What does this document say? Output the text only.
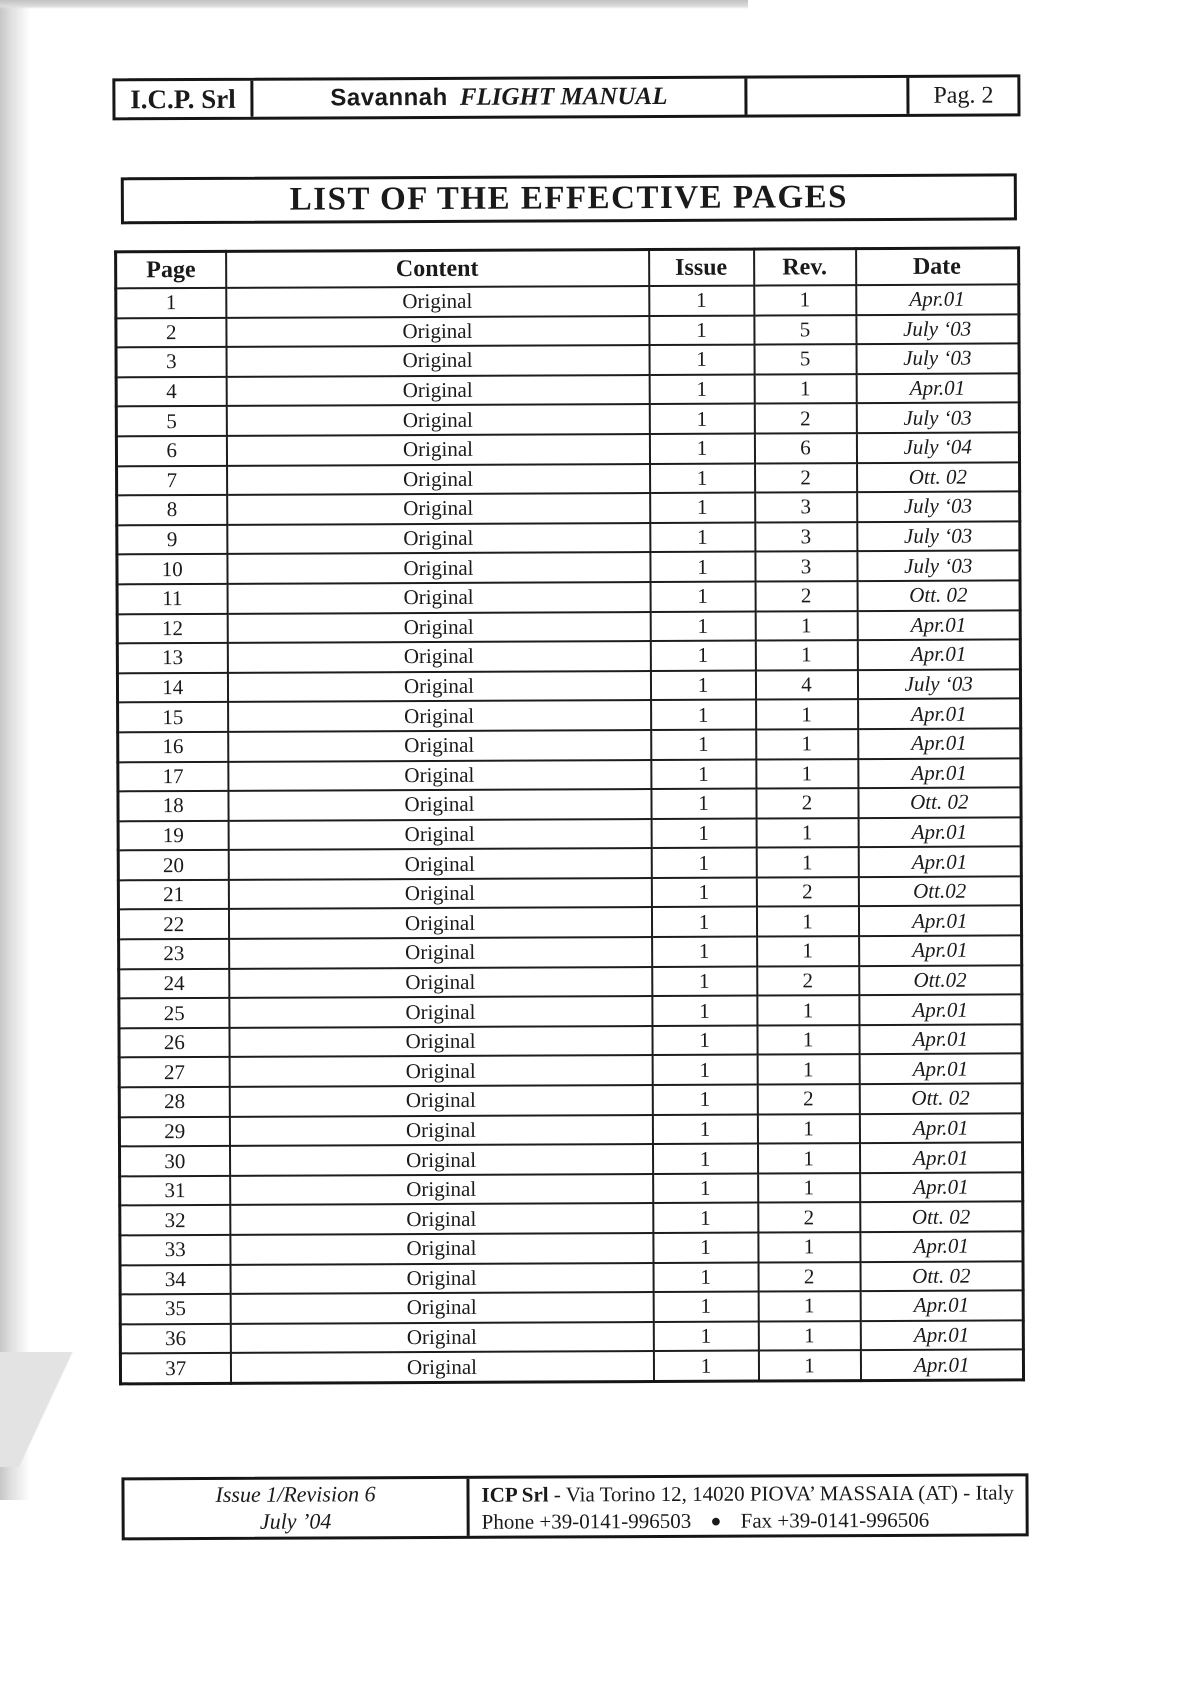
I.C.P. Srl	Savannah FLIGHT MANUAL	Pag. 2
LIST OF THE EFFECTIVE PAGES
Page	Content	Issue	Rev.	Date
1	Original	1	1	Apr.01
2	Original	1	5	July ‘03
3	Original	1	5	July ‘03
4	Original	1	1	Apr.01
5	Original	1	2	July ‘03
6	Original	1	6	July ‘04
7	Original	1	2	Ott. 02
8	Original	1	3	July ‘03
9	Original	1	3	July ‘03
10	Original	1	3	July ‘03
11	Original	1	2	Ott. 02
12	Original	1	1	Apr.01
13	Original	1	1	Apr.01
14	Original	1	4	July ‘03
15	Original	1	1	Apr.01
16	Original	1	1	Apr.01
17	Original	1	1	Apr.01
18	Original	1	2	Ott. 02
19	Original	1	1	Apr.01
20	Original	1	1	Apr.01
21	Original	1	2	Ott.02
22	Original	1	1	Apr.01
23	Original	1	1	Apr.01
24	Original	1	2	Ott.02
25	Original	1	1	Apr.01
26	Original	1	1	Apr.01
27	Original	1	1	Apr.01
28	Original	1	2	Ott. 02
29	Original	1	1	Apr.01
30	Original	1	1	Apr.01
31	Original	1	1	Apr.01
32	Original	1	2	Ott. 02
33	Original	1	1	Apr.01
34	Original	1	2	Ott. 02
35	Original	1	1	Apr.01
36	Original	1	1	Apr.01
37	Original	1	1	Apr.01
Issue 1/Revision 6
July ’04
ICP Srl - Via Torino 12, 14020 PIOVA’ MASSAIA (AT) - Italy
Phone +39-0141-996503 ● Fax +39-0141-996506
